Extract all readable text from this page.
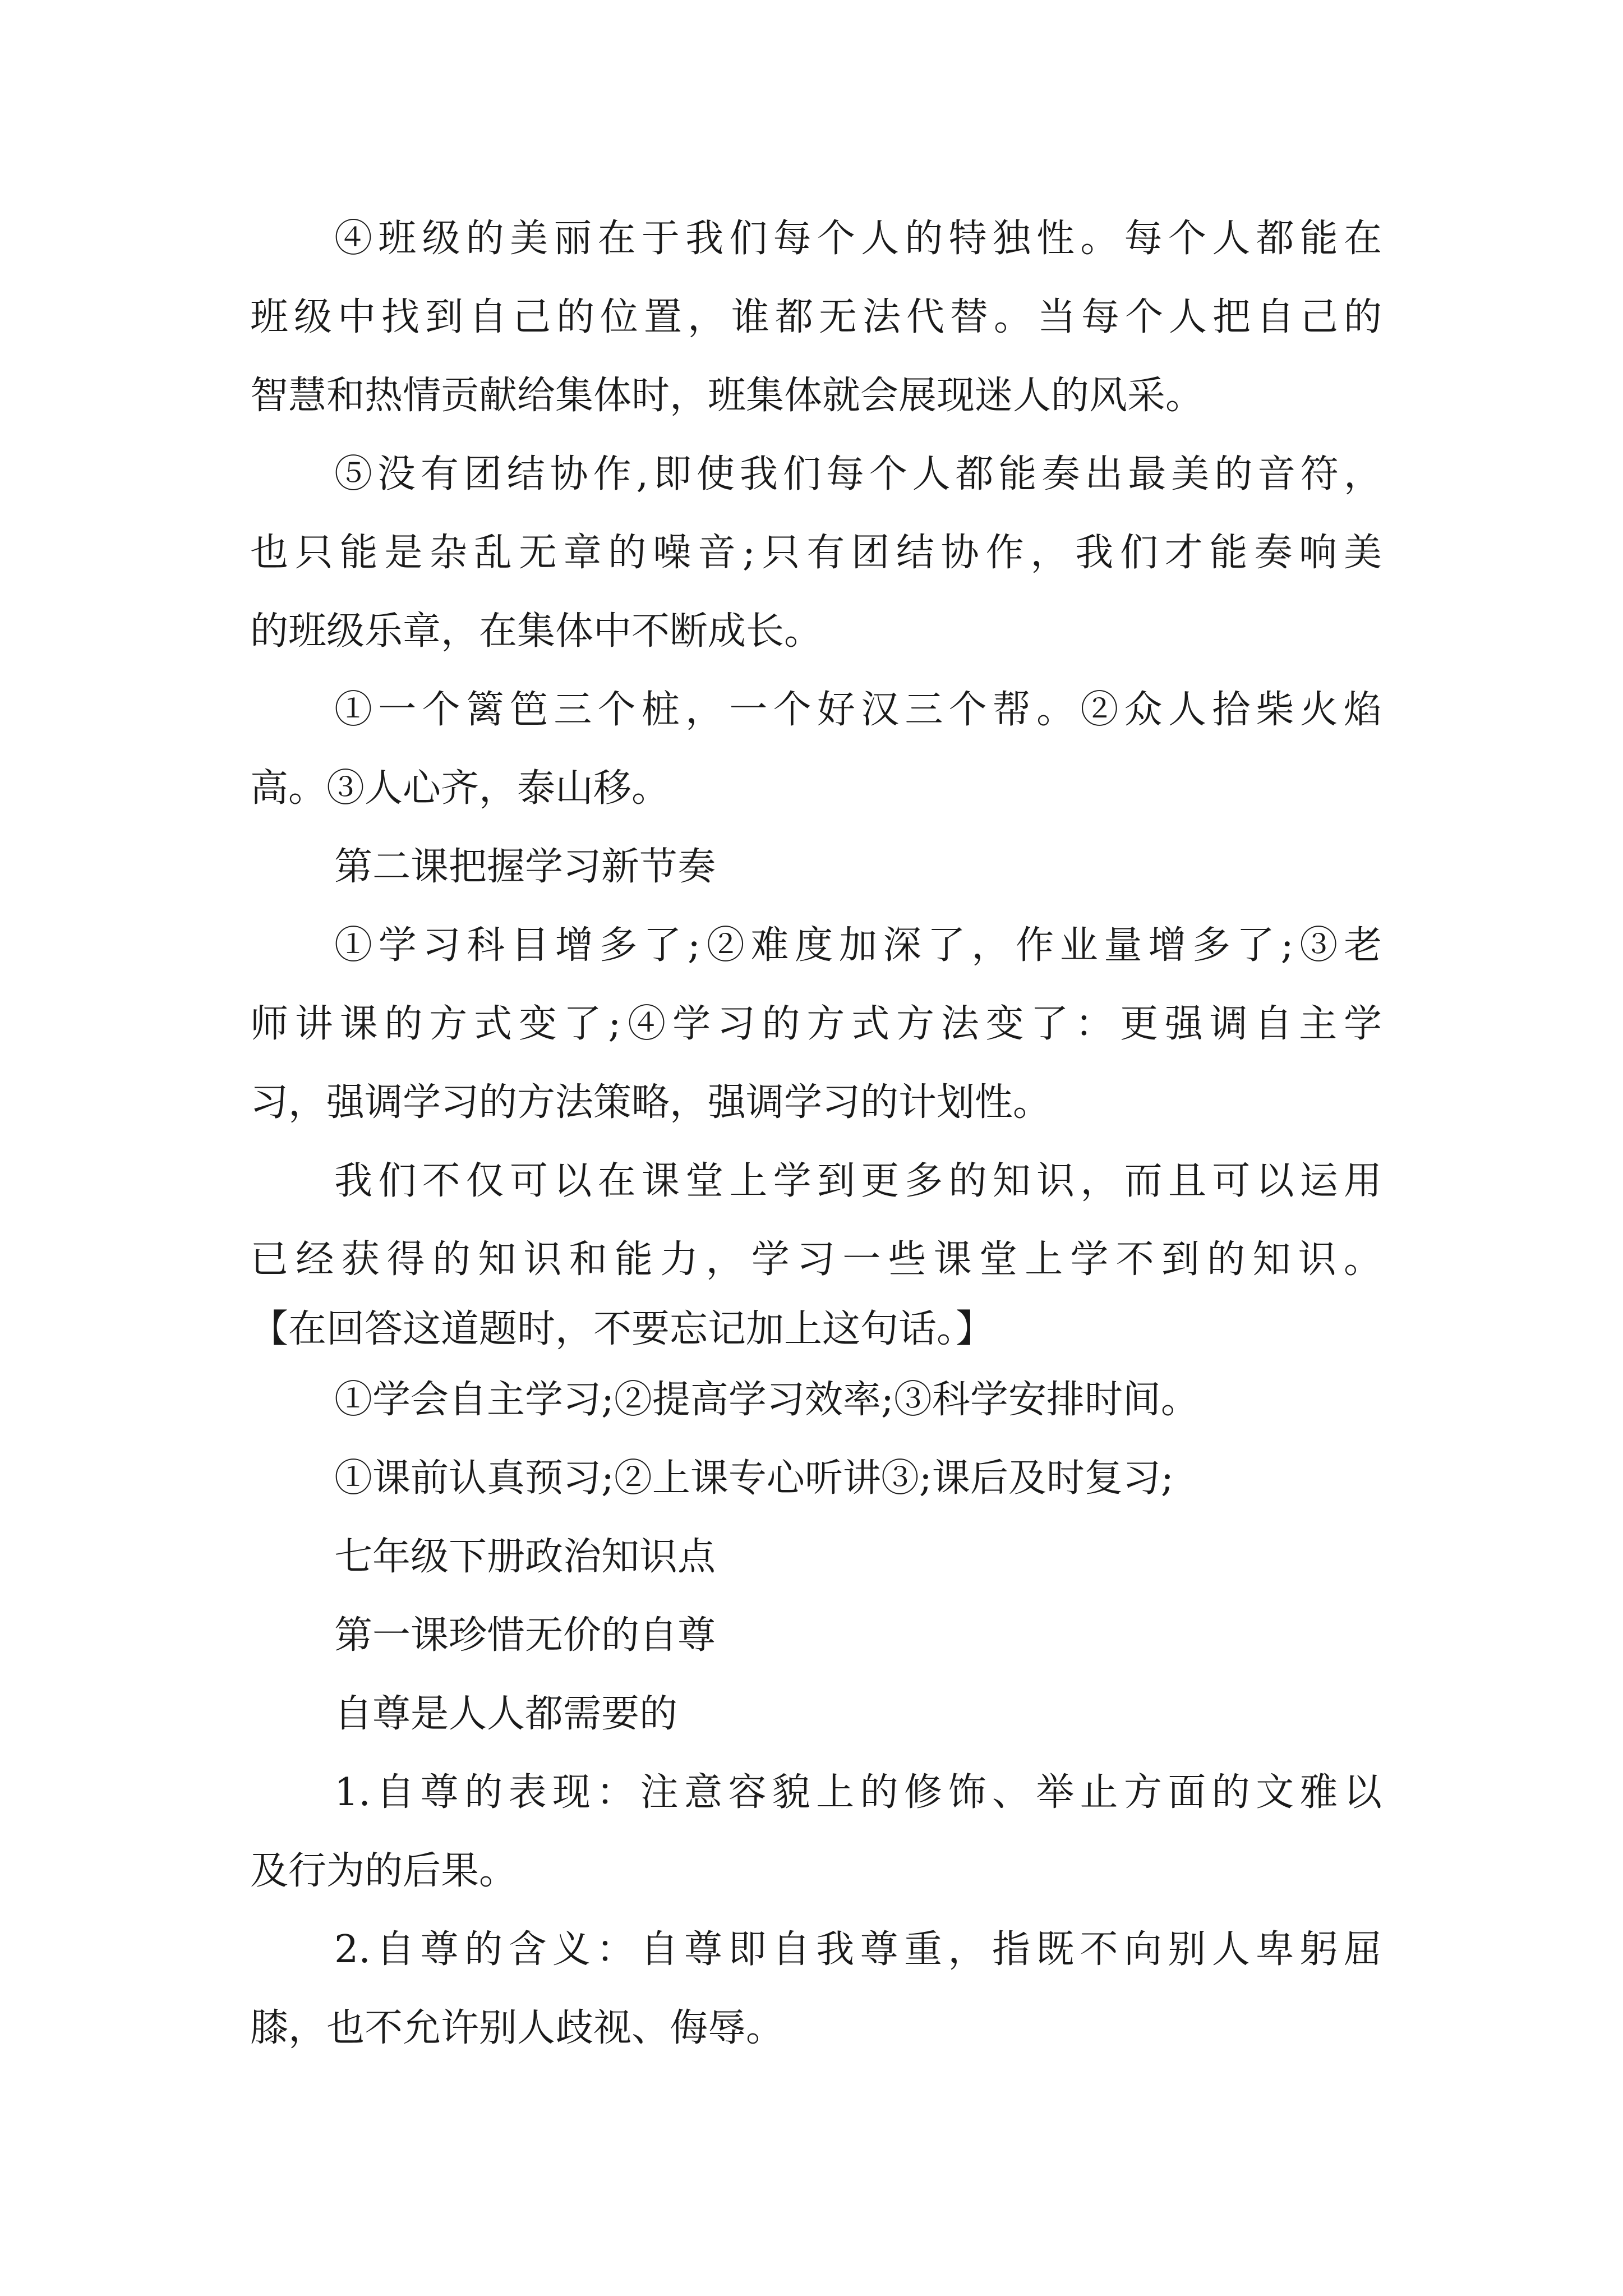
④班级的美丽在于我们每个人的特独性。每个人都能在

班级中找到自己的位置，谁都无法代替。当每个人把自己的

智慧和热情贡献给集体时，班集体就会展现迷人的风采。

⑤没有团结协作,即使我们每个人都能奏出最美的音符，

也只能是杂乱无章的噪音;只有团结协作，我们才能奏响美

的班级乐章，在集体中不断成长。

①一个篱笆三个桩，一个好汉三个帮。②众人拾柴火焰

高。③人心齐，泰山移。

第二课把握学习新节奏

①学习科目增多了;②难度加深了，作业量增多了;③老

师讲课的方式变了;④学习的方式方法变了：更强调自主学

习，强调学习的方法策略，强调学习的计划性。

我们不仅可以在课堂上学到更多的知识，而且可以运用

已经获得的知识和能力，学习一些课堂上学不到的知识。

【在回答这道题时，不要忘记加上这句话。】

①学会自主学习;②提高学习效率;③科学安排时间。

①课前认真预习;②上课专心听讲③;课后及时复习;

七年级下册政治知识点

第一课珍惜无价的自尊

自尊是人人都需要的

1.自尊的表现：注意容貌上的修饰、举止方面的文雅以

及行为的后果。

2.自尊的含义：自尊即自我尊重，指既不向别人卑躬屈

膝，也不允许别人歧视、侮辱。
